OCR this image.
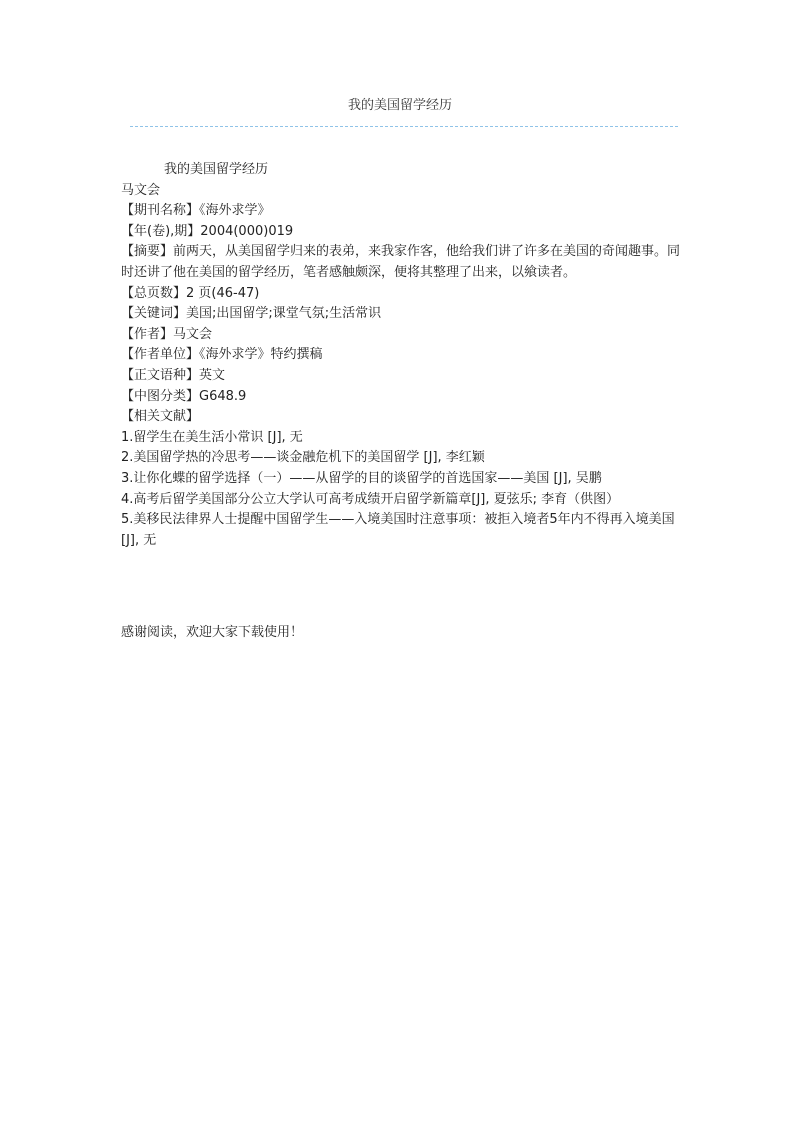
我的美国留学经历
我的美国留学经历
马文会
【期刊名称】《海外求学》
【年(卷),期】2004(000)019
【摘要】前两天，从美国留学归来的表弟，来我家作客，他给我们讲了许多在美国的奇闻趣事。同时还讲了他在美国的留学经历，笔者感触颇深，便将其整理了出来，以飨读者。
【总页数】2 页(46-47)
【关键词】美国;出国留学;课堂气氛;生活常识
【作者】马文会
【作者单位】《海外求学》特约撰稿
【正文语种】英文
【中图分类】G648.9
【相关文献】
1.留学生在美生活小常识 [J], 无
2.美国留学热的冷思考——谈金融危机下的美国留学 [J], 李红颖
3.让你化蝶的留学选择（一）——从留学的目的谈留学的首选国家——美国 [J], 吴鹏
4.高考后留学美国部分公立大学认可高考成绩开启留学新篇章[J], 夏弦乐; 李育（供图）
5.美移民法律界人士提醒中国留学生——入境美国时注意事项：被拒入境者5年内不得再入境美国 [J], 无
感谢阅读，欢迎大家下载使用！
